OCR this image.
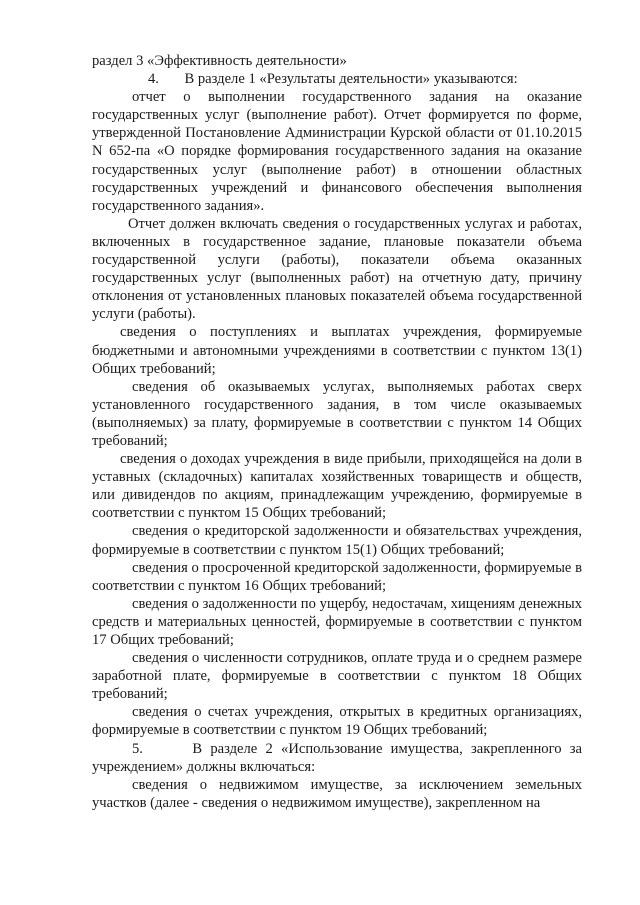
раздел 3 «Эффективность деятельности»

4.       В разделе 1 «Результаты деятельности» указываются:

отчет о выполнении государственного задания на оказание государственных услуг (выполнение работ). Отчет формируется по форме, утвержденной Постановление Администрации Курской области от 01.10.2015 N 652-па «О порядке формирования государственного задания на оказание государственных услуг (выполнение работ) в отношении областных государственных учреждений и финансового обеспечения выполнения государственного задания».

Отчет должен включать сведения о государственных услугах и работах, включенных в государственное задание, плановые показатели объема государственной услуги (работы), показатели объема оказанных государственных услуг (выполненных работ) на отчетную дату, причину отклонения от установленных плановых показателей объема государственной услуги (работы).

сведения о поступлениях и выплатах учреждения, формируемые бюджетными и автономными учреждениями в соответствии с пунктом 13(1) Общих требований;

сведения об оказываемых услугах, выполняемых работах сверх установленного государственного задания, в том числе оказываемых (выполняемых) за плату, формируемые в соответствии с пунктом 14 Общих требований;

сведения о доходах учреждения в виде прибыли, приходящейся на доли в уставных (складочных) капиталах хозяйственных товариществ и обществ, или дивидендов по акциям, принадлежащим учреждению, формируемые в соответствии с пунктом 15 Общих требований;

сведения о кредиторской задолженности и обязательствах учреждения, формируемые в соответствии с пунктом 15(1) Общих требований;

сведения о просроченной кредиторской задолженности, формируемые в соответствии с пунктом 16 Общих требований;

сведения о задолженности по ущербу, недостачам, хищениям денежных средств и материальных ценностей, формируемые в соответствии с пунктом 17 Общих требований;

сведения о численности сотрудников, оплате труда и о среднем размере заработной плате, формируемые в соответствии с пунктом 18 Общих требований;

сведения о счетах учреждения, открытых в кредитных организациях, формируемые в соответствии с пунктом 19 Общих требований;

5.      В разделе 2 «Использование имущества, закрепленного за учреждением» должны включаться:

сведения о недвижимом имуществе, за исключением земельных участков (далее - сведения о недвижимом имуществе), закрепленном на
